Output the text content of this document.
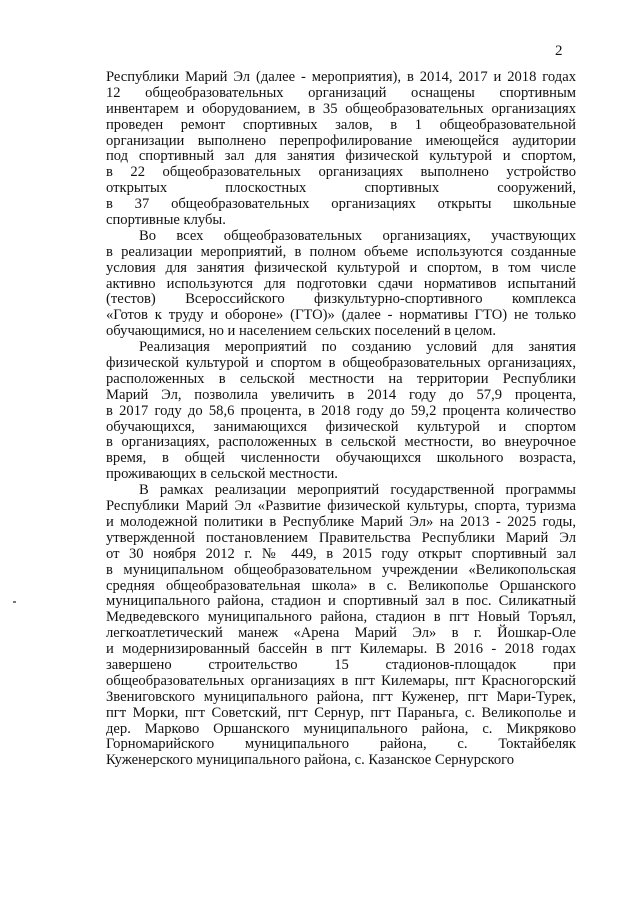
2
Республики Марий Эл (далее - мероприятия), в 2014, 2017 и 2018 годах
12 общеобразовательных организаций оснащены спортивным
инвентарем и оборудованием, в 35 общеобразовательных организациях
проведен ремонт спортивных залов, в 1 общеобразовательной
организации выполнено перепрофилирование имеющейся аудитории
под спортивный зал для занятия физической культурой и спортом,
в 22 общеобразовательных организациях выполнено устройство
открытых плоскостных спортивных сооружений,
в 37 общеобразовательных организациях открыты школьные
спортивные клубы.
Во всех общеобразовательных организациях, участвующих
в реализации мероприятий, в полном объеме используются созданные
условия для занятия физической культурой и спортом, в том числе
активно используются для подготовки сдачи нормативов испытаний
(тестов) Всероссийского физкультурно-спортивного комплекса
«Готов к труду и обороне» (ГТО)» (далее - нормативы ГТО) не только
обучающимися, но и населением сельских поселений в целом.
Реализация мероприятий по созданию условий для занятия
физической культурой и спортом в общеобразовательных организациях,
расположенных в сельской местности на территории Республики
Марий Эл, позволила увеличить в 2014 году до 57,9 процента,
в 2017 году до 58,6 процента, в 2018 году до 59,2 процента количество
обучающихся, занимающихся физической культурой и спортом
в организациях, расположенных в сельской местности, во внеурочное
время, в общей численности обучающихся школьного возраста,
проживающих в сельской местности.
В рамках реализации мероприятий государственной программы
Республики Марий Эл «Развитие физической культуры, спорта, туризма
и молодежной политики в Республике Марий Эл» на 2013 - 2025 годы,
утвержденной постановлением Правительства Республики Марий Эл
от 30 ноября 2012 г. № 449, в 2015 году открыт спортивный зал
в муниципальном общеобразовательном учреждении «Великопольская
средняя общеобразовательная школа» в с. Великополье Оршанского
муниципального района, стадион и спортивный зал в пос. Силикатный
Медведевского муниципального района, стадион в пгт Новый Торъял,
легкоатлетический манеж «Арена Марий Эл» в г. Йошкар-Оле
и модернизированный бассейн в пгт Килемары. В 2016 - 2018 годах
завершено строительство 15 стадионов-площадок при
общеобразовательных организациях в пгт Килемары, пгт Красногорский
Звениговского муниципального района, пгт Куженер, пгт Мари-Турек,
пгт Морки, пгт Советский, пгт Сернур, пгт Параньга, с. Великополье и
дер. Марково Оршанского муниципального района, с. Микряково
Горномарийского муниципального района, с. Токтайбеляк
Куженерского муниципального района, с. Казанское Сернурского
